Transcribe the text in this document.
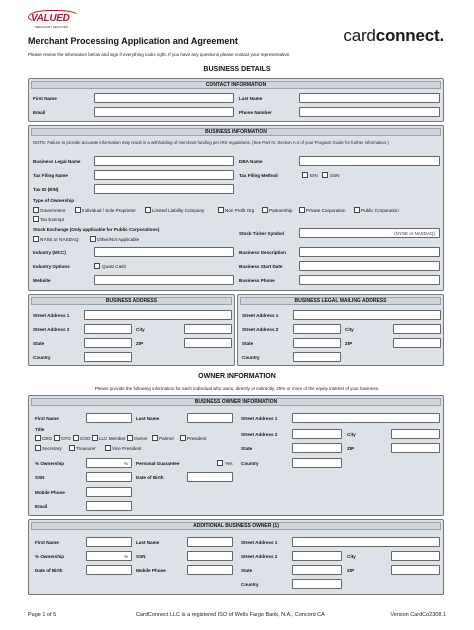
VALUED
MERCHANT SERVICES	cardconnect.
Merchant Processing Application and Agreement
Please review the information below and sign if everything looks right. If you have any questions please contact your representative.
BUSINESS DETAILS
CONTACT INFORMATION
First Name	Last Name
Email	Phone Number
BUSINESS INFORMATION
NOTE: Failure to provide accurate information may result in a withholding of merchant funding per IRS regulations. (See Part IV, Section A.4 of your Program Guide for further information.)
Business Legal Name	DBA Name
Tax Filing Name	Tax Filing Method	EIN	SSN
Tax ID (EIN)
Type of Ownership
Government	Individual / Sole Proprietor	Limited Liability Company	Non Profit Org	Partnership	Private Corporation	Public Corporation
Tax Exempt
Stock Exchange (Only applicable for Public Corporations)
Stock Ticker Symbol	(NYSE or NASDAQ)
NYSE or NASDAQ	Other/Not Applicable
Industry (MCC)	Business Description
Industry Options	Quasi Cash	Business Start Date
Website	Business Phone
BUSINESS ADDRESS
Street Address 1
Street Address 2	City
State	ZIP
Country
BUSINESS LEGAL MAILING ADDRESS
Street Address 1
Street Address 2	City
State	ZIP
Country
OWNER INFORMATION
Please provide the following information for each individual who owns, directly or indirectly, 25% or more of the equity interest of your business.
BUSINESS OWNER INFORMATION
First Name	Last Name	Street Address 1
Title
CEO CFO COO LLC Member Owner Partner	President
Secretary	Treasurer	Vice President
Street Address 2	City
State	ZIP
% Ownership	% Personal Guarantee	Yes Country
SSN	Date of Birth
Mobile Phone
Email
ADDITIONAL BUSINESS OWNER (1)
First Name	Last Name	Street Address 1
% Ownership	% SSN	Street Address 2	City
Date of Birth	Mobile Phone	State	ZIP
Country
Page 1 of 5	CardConnect LLC is a registered ISO of Wells Fargo Bank, N.A., Concord CA	Version CardCo2308.1
